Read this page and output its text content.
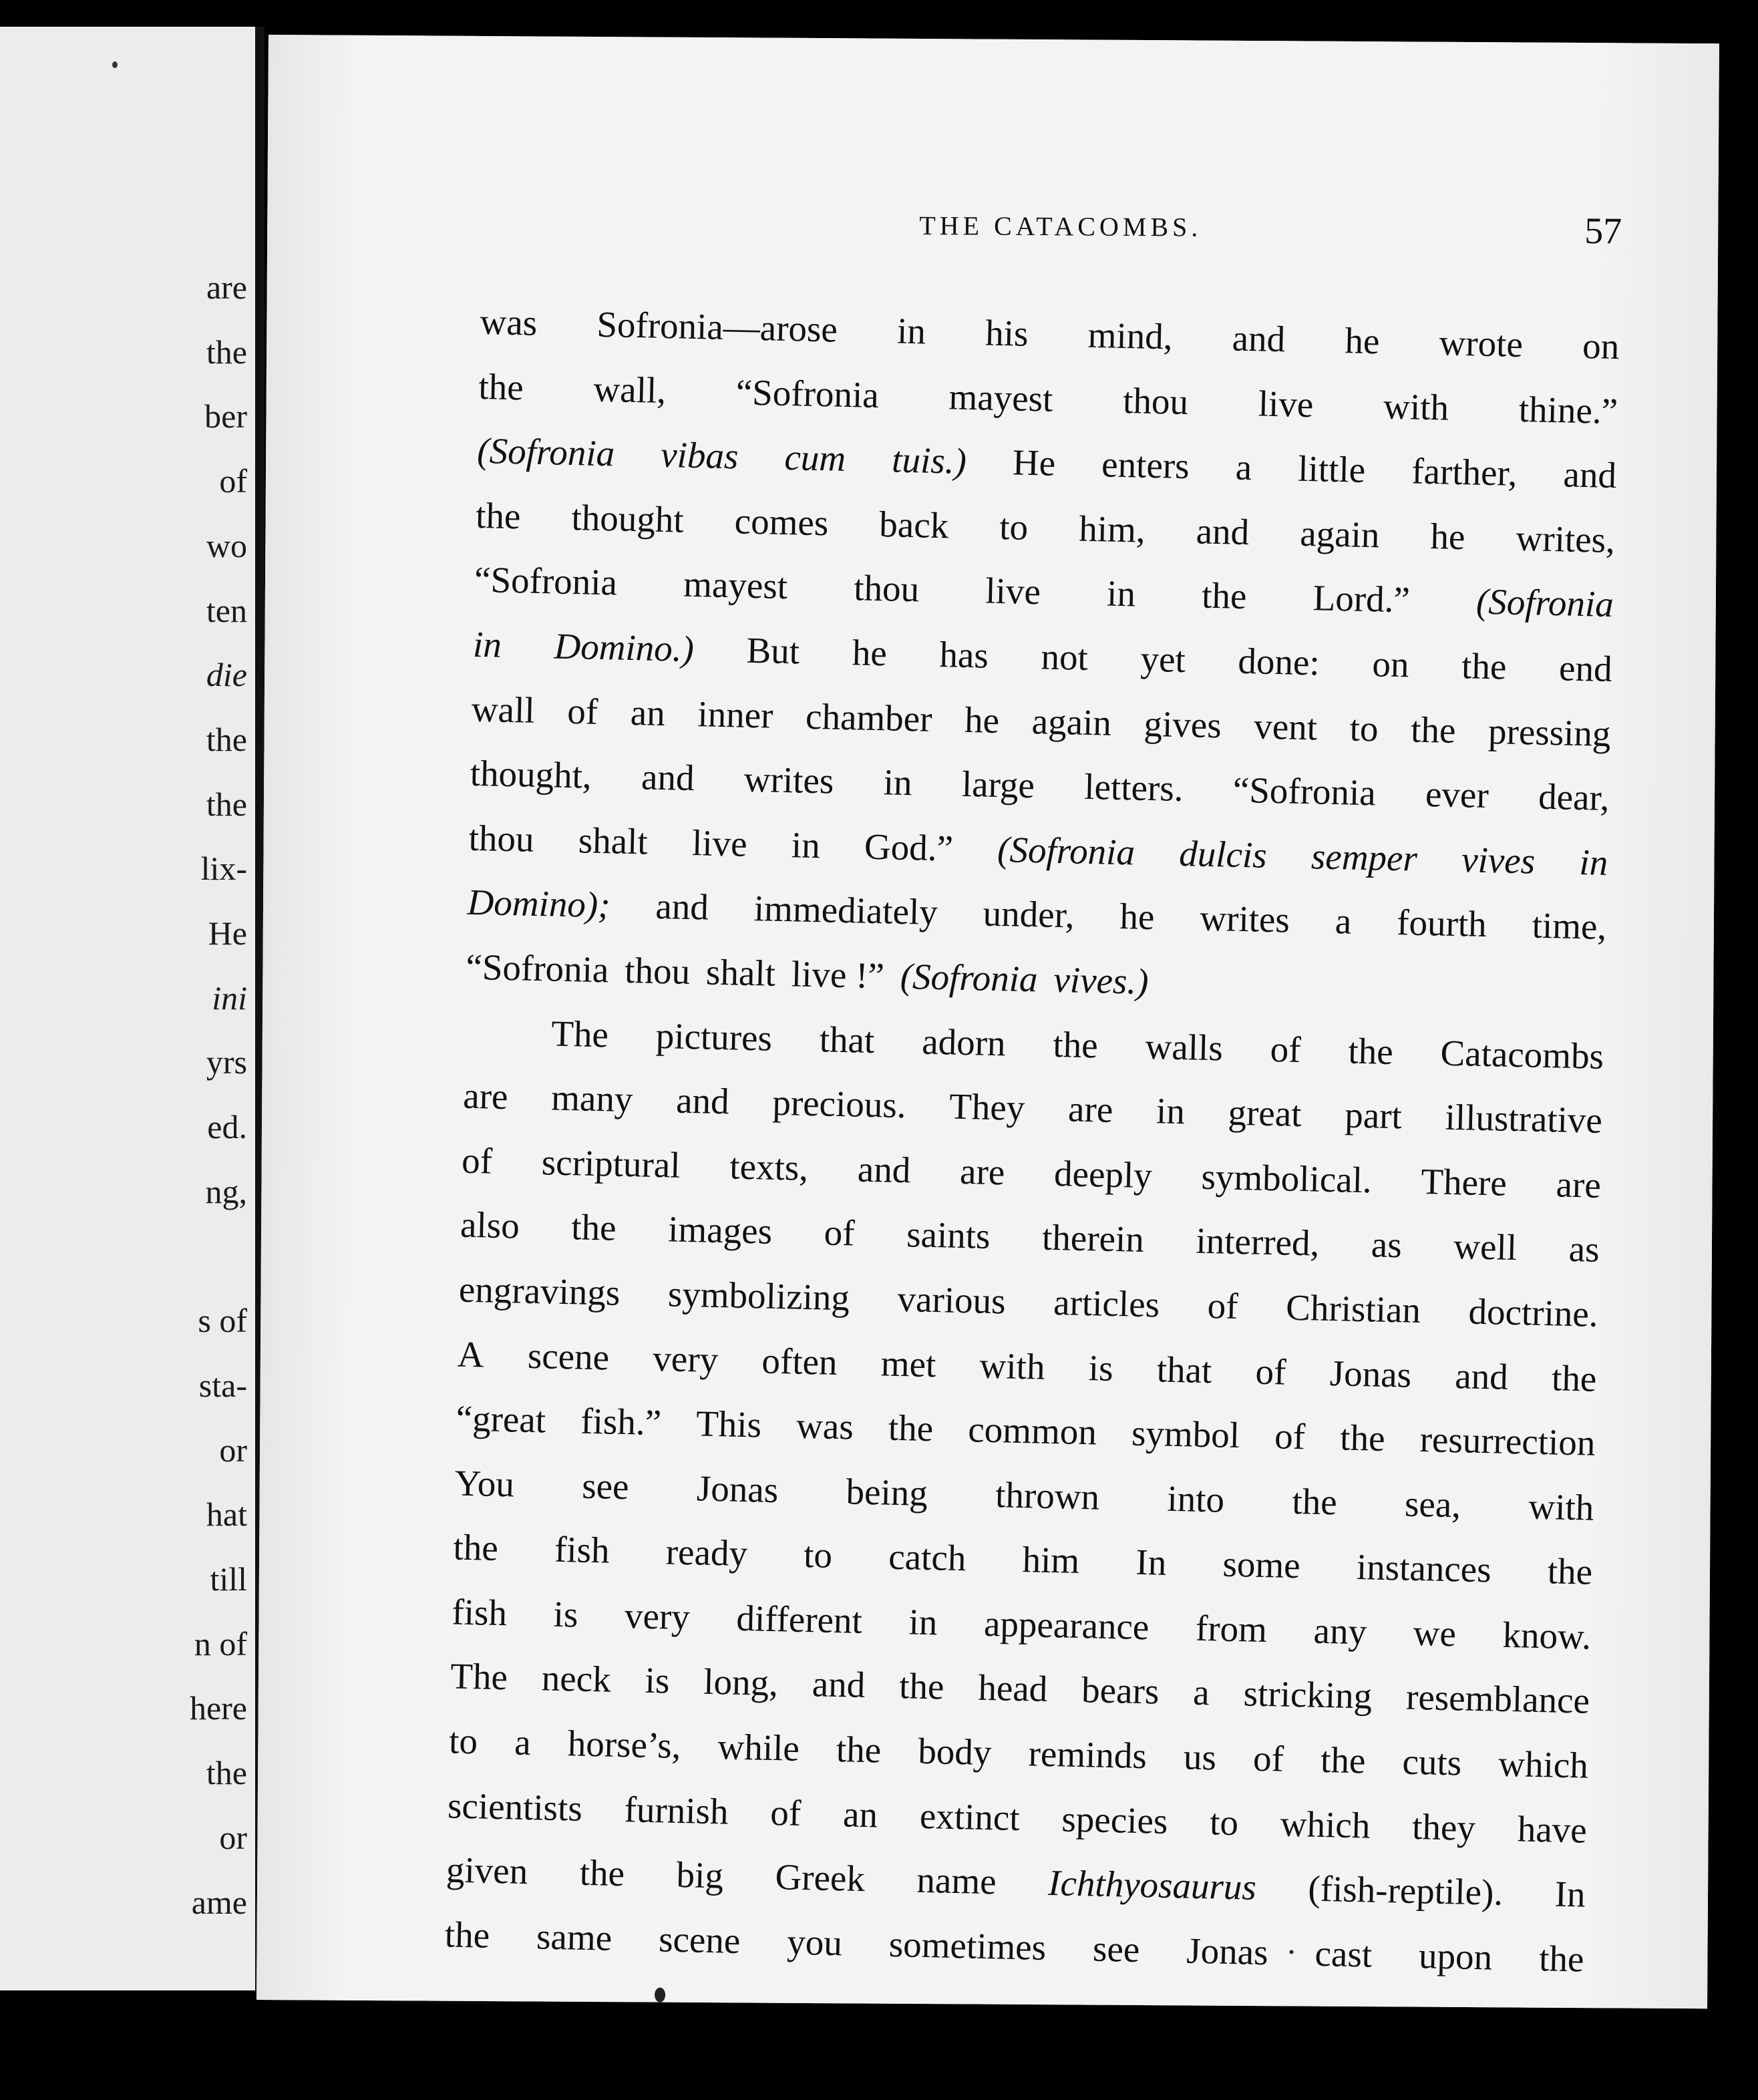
are
the
ber
of
wo
ten
die
the
the
lix-
He
ini
yrs
ed.
ng,
s of
sta-
or
hat
till
n of
here
the
or
ame
THE CATACOMBS.	57
was Sofronia—arose in his mind, and he wrote on
the wall, “Sofronia mayest thou live with thine.”
(Sofronia vibas cum tuis.) He enters a little farther, and
the thought comes back to him, and again he writes,
“Sofronia mayest thou live in the Lord.” (Sofronia
in Domino.) But he has not yet done: on the end
wall of an inner chamber he again gives vent to the pressing
thought, and writes in large letters. “Sofronia ever dear,
thou shalt live in God.” (Sofronia dulcis semper vives in
Domino); and immediately under, he writes a fourth time,
“Sofronia thou shalt live !” (Sofronia vives.)
The pictures that adorn the walls of the Catacombs
are many and precious. They are in great part illustrative
of scriptural texts, and are deeply symbolical. There are
also the images of saints therein interred, as well as
engravings symbolizing various articles of Christian doctrine.
A scene very often met with is that of Jonas and the
“great fish.” This was the common symbol of the resurrection
You see Jonas being thrown into the sea, with
the fish ready to catch him In some instances the
fish is very different in appearance from any we know.
The neck is long, and the head bears a stricking resemblance
to a horse’s, while the body reminds us of the cuts which
scientists furnish of an extinct species to which they have
given the big Greek name Ichthyosaurus (fish-reptile). In
the same scene you sometimes see Jonas cast upon the
